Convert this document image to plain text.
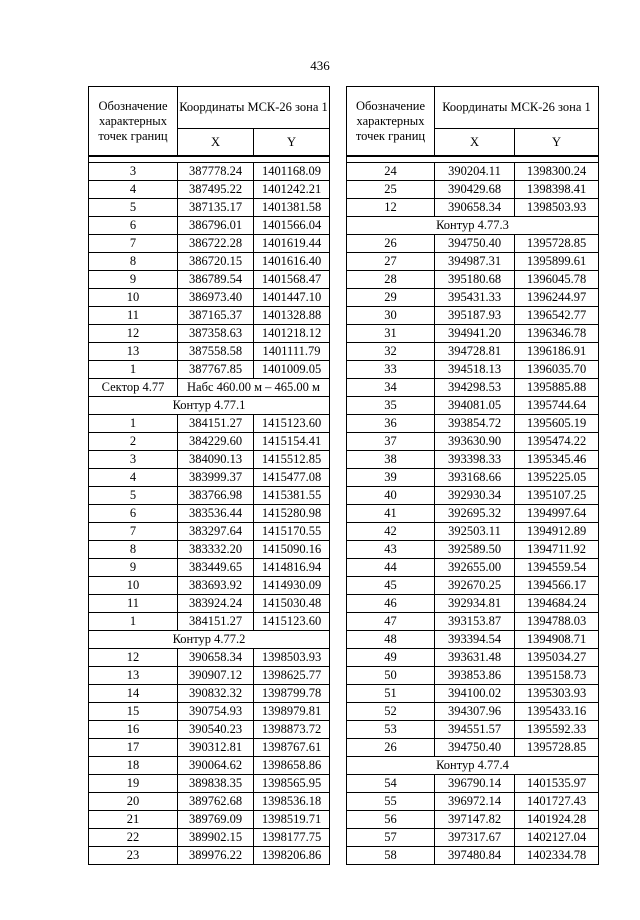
436
Обозначение характерных точек границ	Координаты МСК-26 зона 1	
	X	Y

3	387778.24	1401168.09
4	387495.22	1401242.21
5	387135.17	1401381.58
6	386796.01	1401566.04
7	386722.28	1401619.44
8	386720.15	1401616.40
9	386789.54	1401568.47
10	386973.40	1401447.10
11	387165.37	1401328.88
12	387358.63	1401218.12
13	387558.58	1401111.79
1	387767.85	1401009.05
Сектор 4.77	Набс 460.00 м – 465.00 м	
Контур 4.77.1		
1	384151.27	1415123.60
2	384229.60	1415154.41
3	384090.13	1415512.85
4	383999.37	1415477.08
5	383766.98	1415381.55
6	383536.44	1415280.98
7	383297.64	1415170.55
8	383332.20	1415090.16
9	383449.65	1414816.94
10	383693.92	1414930.09
11	383924.24	1415030.48
1	384151.27	1415123.60
Контур 4.77.2		
12	390658.34	1398503.93
13	390907.12	1398625.77
14	390832.32	1398799.78
15	390754.93	1398979.81
16	390540.23	1398873.72
17	390312.81	1398767.61
18	390064.62	1398658.86
19	389838.35	1398565.95
20	389762.68	1398536.18
21	389769.09	1398519.71
22	389902.15	1398177.75
23	389976.22	1398206.86
Обозначение характерных точек границ	Координаты МСК-26 зона 1	
	X	Y

24	390204.11	1398300.24
25	390429.68	1398398.41
12	390658.34	1398503.93
Контур 4.77.3		
26	394750.40	1395728.85
27	394987.31	1395899.61
28	395180.68	1396045.78
29	395431.33	1396244.97
30	395187.93	1396542.77
31	394941.20	1396346.78
32	394728.81	1396186.91
33	394518.13	1396035.70
34	394298.53	1395885.88
35	394081.05	1395744.64
36	393854.72	1395605.19
37	393630.90	1395474.22
38	393398.33	1395345.46
39	393168.66	1395225.05
40	392930.34	1395107.25
41	392695.32	1394997.64
42	392503.11	1394912.89
43	392589.50	1394711.92
44	392655.00	1394559.54
45	392670.25	1394566.17
46	392934.81	1394684.24
47	393153.87	1394788.03
48	393394.54	1394908.71
49	393631.48	1395034.27
50	393853.86	1395158.73
51	394100.02	1395303.93
52	394307.96	1395433.16
53	394551.57	1395592.33
26	394750.40	1395728.85
Контур 4.77.4		
54	396790.14	1401535.97
55	396972.14	1401727.43
56	397147.82	1401924.28
57	397317.67	1402127.04
58	397480.84	1402334.78
